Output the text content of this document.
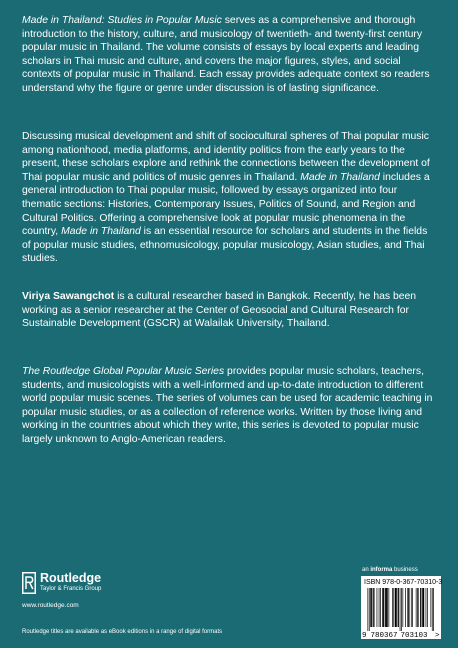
Made in Thailand: Studies in Popular Music serves as a comprehensive and thorough introduction to the history, culture, and musicology of twentieth- and twenty-first century popular music in Thailand. The volume consists of essays by local experts and leading scholars in Thai music and culture, and covers the major figures, styles, and social contexts of popular music in Thailand. Each essay provides adequate context so readers understand why the figure or genre under discussion is of lasting significance.

Discussing musical development and shift of sociocultural spheres of Thai popular music among nationhood, media platforms, and identity politics from the early years to the present, these scholars explore and rethink the connections between the development of Thai popular music and politics of music genres in Thailand. Made in Thailand includes a general introduction to Thai popular music, followed by essays organized into four thematic sections: Histories, Contemporary Issues, Politics of Sound, and Region and Cultural Politics. Offering a comprehensive look at popular music phenomena in the country, Made in Thailand is an essential resource for scholars and students in the fields of popular music studies, ethnomusicology, popular musicology, Asian studies, and Thai studies.

Viriya Sawangchot is a cultural researcher based in Bangkok. Recently, he has been working as a senior researcher at the Center of Geosocial and Cultural Research for Sustainable Development (GSCR) at Walailak University, Thailand.

The Routledge Global Popular Music Series provides popular music scholars, teachers, students, and musicologists with a well-informed and up-to-date introduction to different world popular music scenes. The series of volumes can be used for academic teaching in popular music studies, or as a collection of reference works. Written by those living and working in the countries about which they write, this series is devoted to popular music largely unknown to Anglo-American readers.

Routledge
Taylor & Francis Group
www.routledge.com
Routledge titles are available as eBook editions in a range of digital formats
an informa business
ISBN 978-0-367-70310-3
9 780367 703103 >
